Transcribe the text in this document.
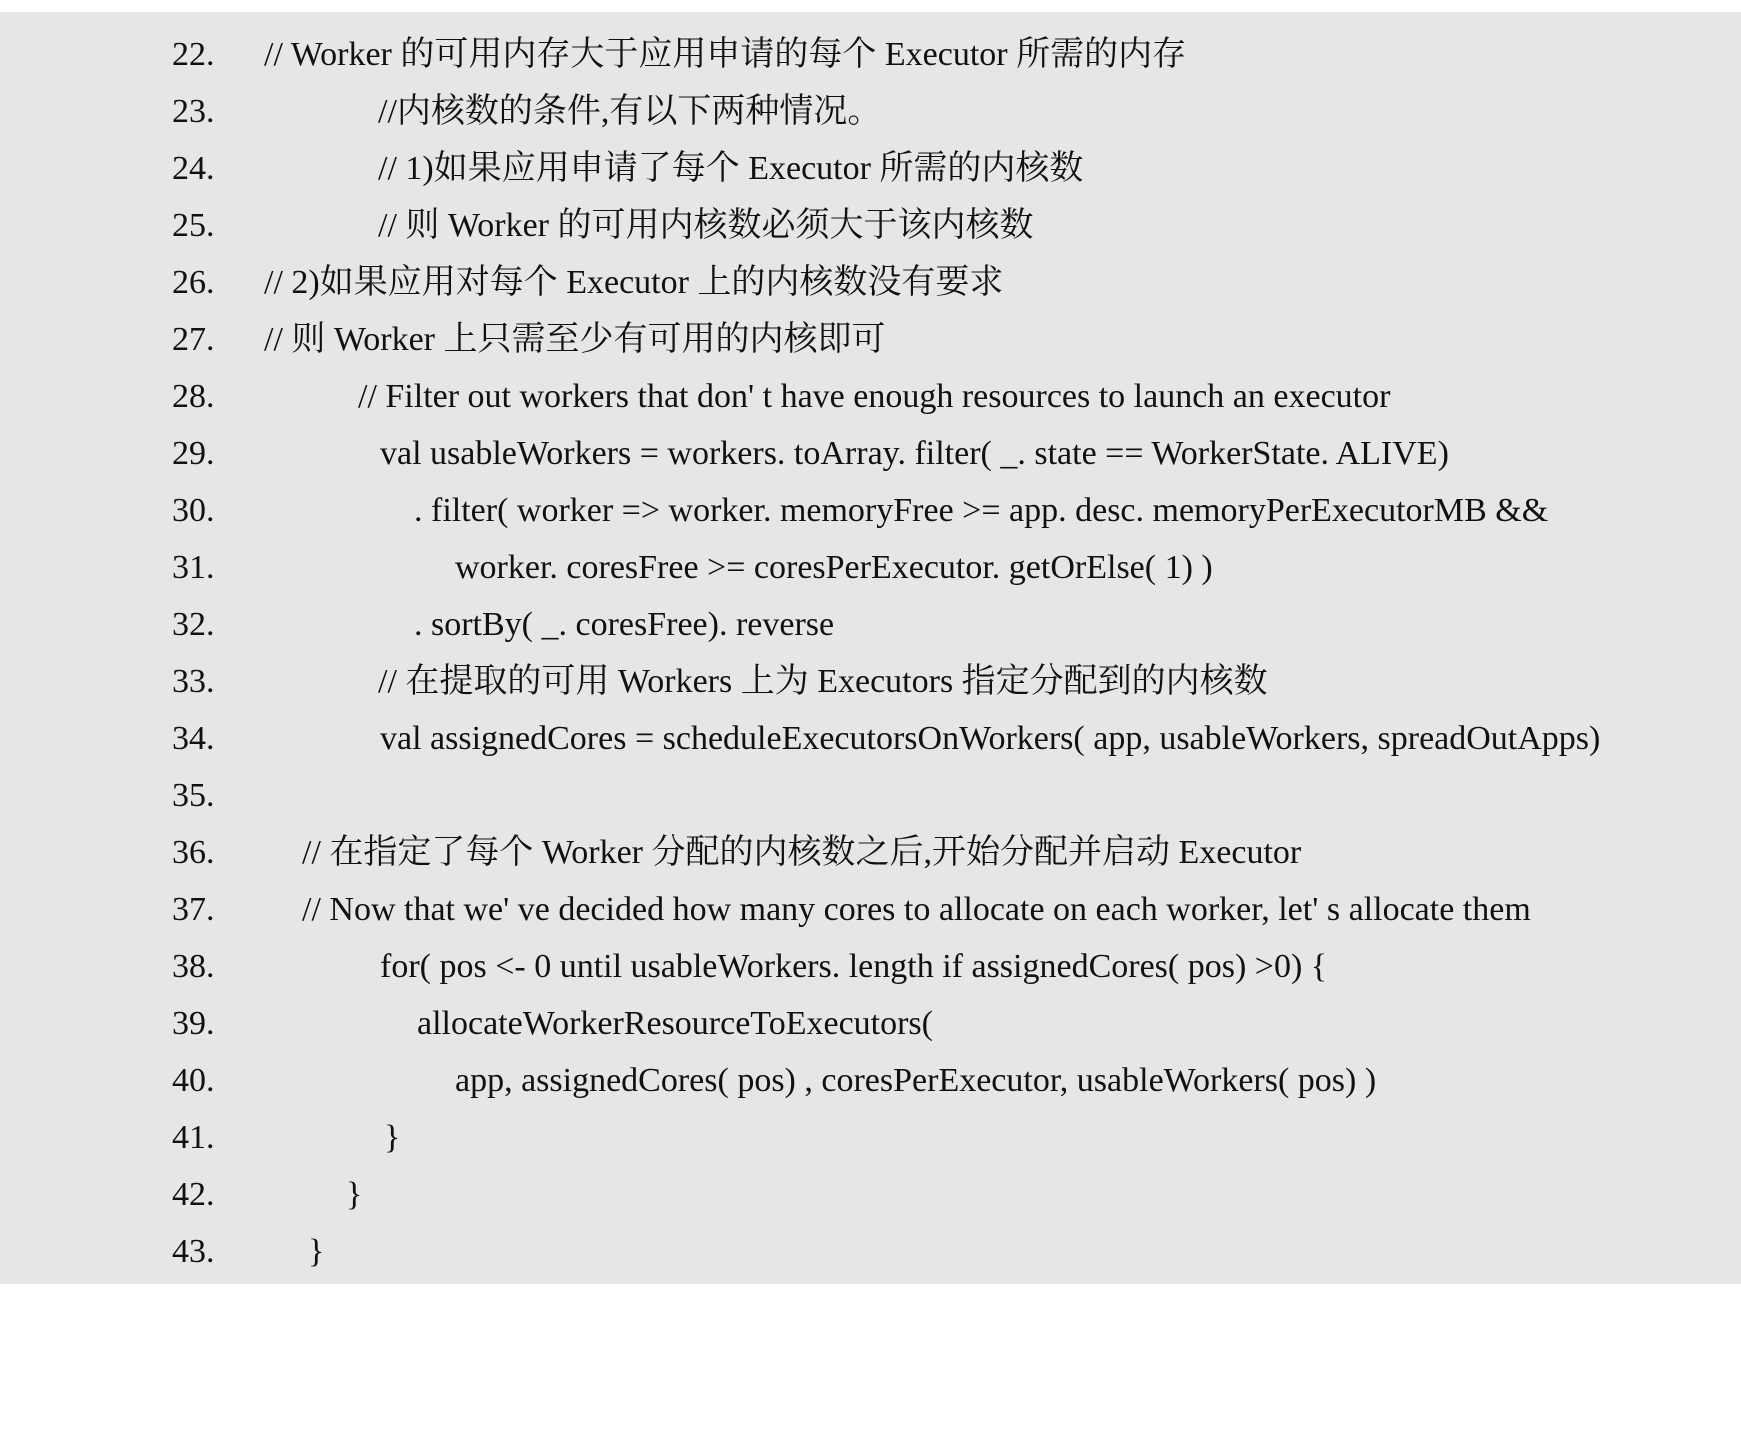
22.

// Worker 的可用内存大于应用申请的每个 Executor 所需的内存

23.

	//内核数的条件,有以下两种情况。

24.

	// 1)如果应用申请了每个 Executor 所需的内核数

25.

	// 则 Worker 的可用内核数必须大于该内核数

26.

// 2)如果应用对每个 Executor 上的内核数没有要求

27.

// 则 Worker 上只需至少有可用的内核即可

28.

	// Filter out workers that don' t have enough resources to launch an executor

29.

	val usableWorkers = workers. toArray. filter( _. state == WorkerState. ALIVE)

30.

	. filter( worker => worker. memoryFree >= app. desc. memoryPerExecutorMB &&

31.

	worker. coresFree >= coresPerExecutor. getOrElse( 1) )

32.

	. sortBy( _. coresFree). reverse

33.

	// 在提取的可用 Workers 上为 Executors 指定分配到的内核数

34.

	val assignedCores = scheduleExecutorsOnWorkers( app, usableWorkers, spreadOutApps)

35.

36.

	// 在指定了每个 Worker 分配的内核数之后,开始分配并启动 Executor

37.

	// Now that we' ve decided how many cores to allocate on each worker, let' s allocate them

38.

	for( pos <- 0 until usableWorkers. length if assignedCores( pos) >0) {

39.

	allocateWorkerResourceToExecutors(

40.

	app, assignedCores( pos) , coresPerExecutor, usableWorkers( pos) )

41.

	}

42.

	}

43.

	}
